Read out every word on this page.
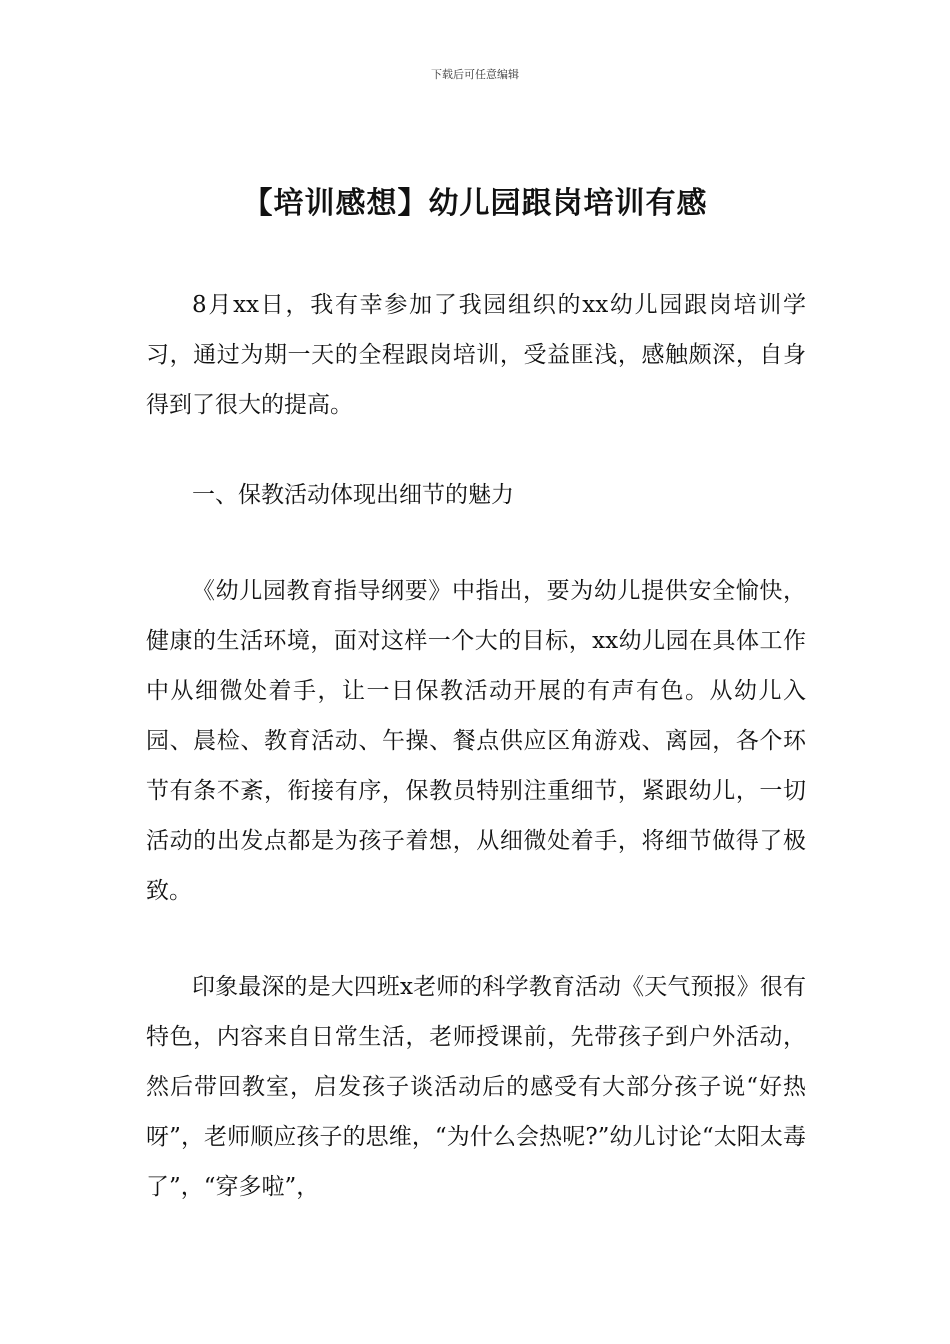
下载后可任意编辑
【培训感想】幼儿园跟岗培训有感

8月xx日，我有幸参加了我园组织的xx幼儿园跟岗培训学习，通过为期一天的全程跟岗培训，受益匪浅，感触颇深，自身得到了很大的提高。

一、保教活动体现出细节的魅力

《幼儿园教育指导纲要》中指出，要为幼儿提供安全愉快，健康的生活环境，面对这样一个大的目标，xx幼儿园在具体工作中从细微处着手，让一日保教活动开展的有声有色。从幼儿入园、晨检、教育活动、午操、餐点供应区角游戏、离园，各个环节有条不紊，衔接有序，保教员特别注重细节，紧跟幼儿，一切活动的出发点都是为孩子着想，从细微处着手，将细节做得了极致。

印象最深的是大四班x老师的科学教育活动《天气预报》很有特色，内容来自日常生活，老师授课前，先带孩子到户外活动，然后带回教室，启发孩子谈活动后的感受有大部分孩子说“好热呀”，老师顺应孩子的思维，“为什么会热呢?”幼儿讨论“太阳太毒了”，“穿多啦”，
